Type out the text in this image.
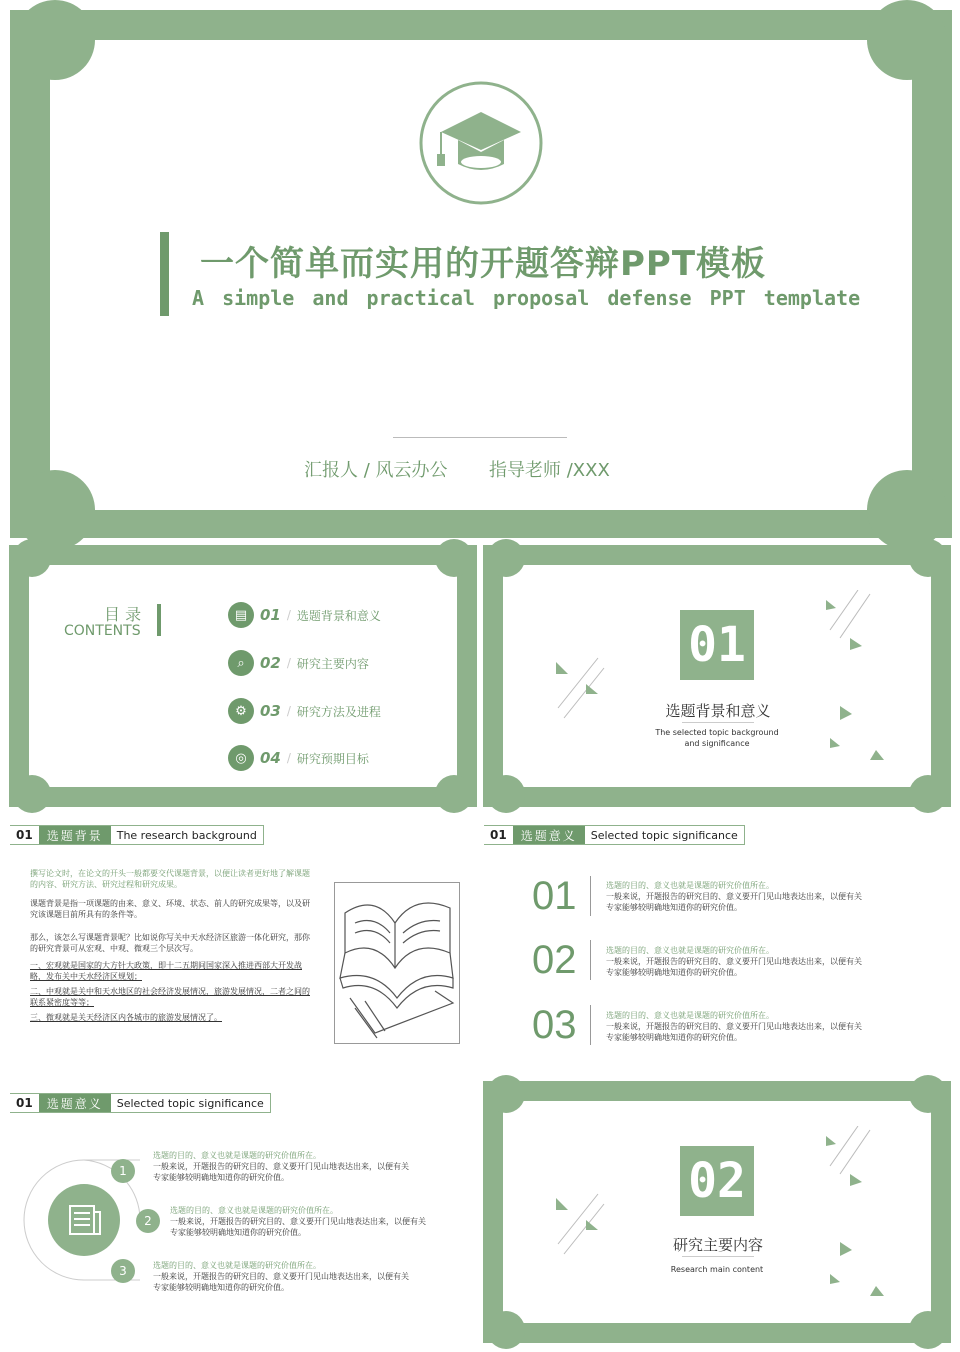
一个简单而实用的开题答辩PPT模板
A simple and practical proposal defense PPT template
汇报人 / 风云办公 指导老师 /XXX
目 录
CONTENTS
▤ 01 / 选题背景和意义
⌕	02 / 研究主要内容
⚙ 03 / 研究方法及进程
◎ 04 / 研究预期目标
01
选题背景和意义
The selected topic background
and significance
01	选题背景	The research background
撰写论文时，在论文的开头一般都要交代课题背景，以便让读者更好地了解课题的内容、研究方法、研究过程和研究成果。
课题背景是指一项课题的由来、意义、环境、状态、前人的研究成果等，以及研究该课题目前所具有的条件等。
那么，该怎么写课题背景呢？比如说你写关中天水经济区旅游一体化研究，那你的研究背景可从宏观、中观、微观三个层次写。
一、宏观就是国家的大方针大政策，即十二五期间国家深入推进西部大开发战略，发布关中天水经济区规划；
二、中观就是关中和天水地区的社会经济发展情况，旅游发展情况，二者之间的联系紧密度等等；
三、微观就是关天经济区内各城市的旅游发展情况了。
01	选题意义	Selected topic significance
01	选题的目的、意义也就是课题的研究价值所在。
一般来说，开题报告的研究目的、意义要开门见山地表达出来，以便有关
专家能够较明确地知道你的研究价值。
02	选题的目的、意义也就是课题的研究价值所在。
一般来说，开题报告的研究目的、意义要开门见山地表达出来，以便有关
专家能够较明确地知道你的研究价值。
03	选题的目的、意义也就是课题的研究价值所在。
一般来说，开题报告的研究目的、意义要开门见山地表达出来，以便有关
专家能够较明确地知道你的研究价值。
01	选题意义	Selected topic significance
1
2
3
选题的目的、意义也就是课题的研究价值所在。
一般来说，开题报告的研究目的、意义要开门见山地表达出来，以便有关
专家能够较明确地知道你的研究价值。
选题的目的、意义也就是课题的研究价值所在。
一般来说，开题报告的研究目的、意义要开门见山地表达出来，以便有关
专家能够较明确地知道你的研究价值。
选题的目的、意义也就是课题的研究价值所在。
一般来说，开题报告的研究目的、意义要开门见山地表达出来，以便有关
专家能够较明确地知道你的研究价值。
02
研究主要内容
Research main content
